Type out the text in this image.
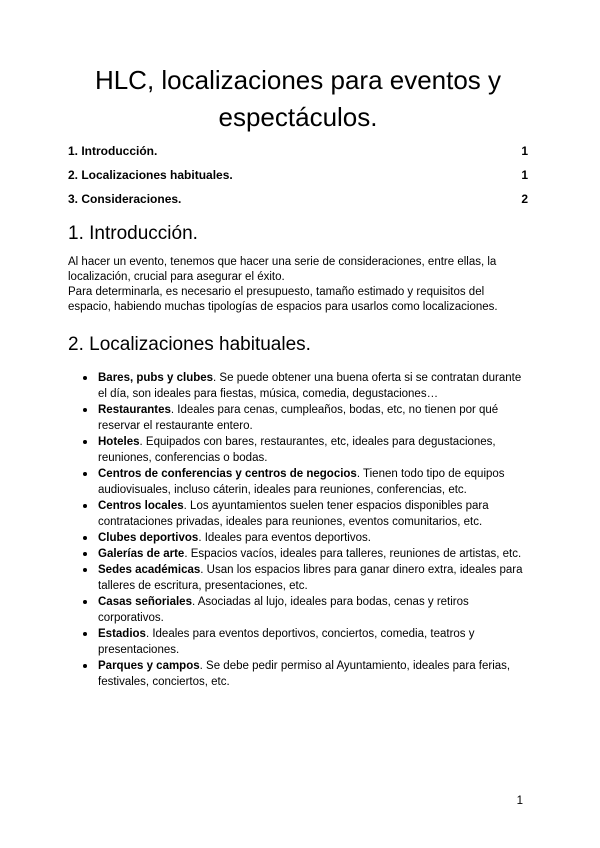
HLC, localizaciones para eventos y espectáculos.
1. Introducción.	1
2. Localizaciones habituales.	1
3. Consideraciones.	2
1. Introducción.

Al hacer un evento, tenemos que hacer una serie de consideraciones, entre ellas, la localización, crucial para asegurar el éxito.

Para determinarla, es necesario el presupuesto, tamaño estimado y requisitos del espacio, habiendo muchas tipologías de espacios para usarlos como localizaciones.

2. Localizaciones habituales.
Bares, pubs y clubes. Se puede obtener una buena oferta si se contratan durante el día, son ideales para fiestas, música, comedia, degustaciones…
Restaurantes. Ideales para cenas, cumpleaños, bodas, etc, no tienen por qué reservar el restaurante entero.
Hoteles. Equipados con bares, restaurantes, etc, ideales para degustaciones, reuniones, conferencias o bodas.
Centros de conferencias y centros de negocios. Tienen todo tipo de equipos audiovisuales, incluso cáterin, ideales para reuniones, conferencias, etc.
Centros locales. Los ayuntamientos suelen tener espacios disponibles para contrataciones privadas, ideales para reuniones, eventos comunitarios, etc.
Clubes deportivos. Ideales para eventos deportivos.
Galerías de arte. Espacios vacíos, ideales para talleres, reuniones de artistas, etc.
Sedes académicas. Usan los espacios libres para ganar dinero extra, ideales para talleres de escritura, presentaciones, etc.
Casas señoriales. Asociadas al lujo, ideales para bodas, cenas y retiros corporativos.
Estadios. Ideales para eventos deportivos, conciertos, comedia, teatros y presentaciones.
Parques y campos. Se debe pedir permiso al Ayuntamiento, ideales para ferias, festivales, conciertos, etc.
1
